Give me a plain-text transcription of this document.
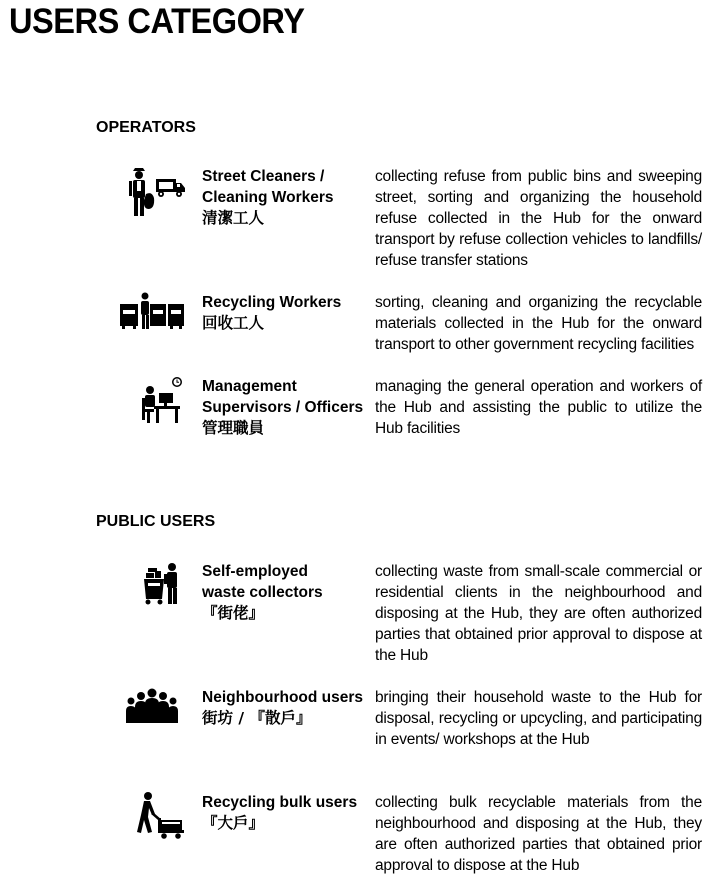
USERS CATEGORY
OPERATORS
Street Cleaners /
Cleaning Workers
清潔工人
collecting refuse from public bins and sweeping street, sorting and organizing the household refuse collected in the Hub for the onward transport by refuse collection vehicles to landfills/ refuse transfer stations
Recycling Workers
回收工人
sorting, cleaning and organizing the recyclable materials collected in the Hub for the onward transport to other government recycling facilities
Management
Supervisors / Officers
管理職員
managing the general operation and workers of the Hub and assisting the public to utilize the Hub facilities
PUBLIC USERS
Self-employed
waste collectors
『街佬』
collecting waste from small-scale commercial or residential clients in the neighbourhood and disposing at the Hub, they are often authorized parties that obtained prior approval to dispose at the Hub
Neighbourhood users
街坊 / 『散戶』
bringing their household waste to the Hub for disposal, recycling or upcycling, and participating in events/ workshops at the Hub
Recycling bulk users
『大戶』
collecting bulk recyclable materials from the neighbourhood and disposing at the Hub, they are often authorized parties that obtained prior approval to dispose at the Hub
